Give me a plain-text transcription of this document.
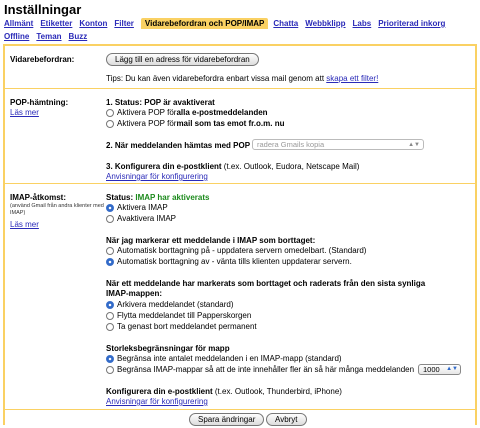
Inställningar
Allmänt Etiketter Konton Filter	Vidarebefordran och POP/IMAP	Chatta Webbklipp Labs Prioriterad inkorg
Offline Teman Buzz
Vidarebefordran:	Lägg till en adress för vidarebefordran
Tips: Du kan även vidarebefordra enbart vissa mail genom att skapa ett filter!
POP-hämtning:
Läs mer
1. Status: POP är avaktiverat
Aktivera POP för alla e-postmeddelanden
Aktivera POP för mail som tas emot fr.o.m. nu
2. När meddelanden hämtas med POP radera Gmails kopia	▲▼
3. Konfigurera din e-postklient (t.ex. Outlook, Eudora, Netscape Mail)
Anvisningar för konfigurering
IMAP-åtkomst:
(använd Gmail från andra klienter med IMAP)
Läs mer
Status: IMAP har aktiverats
Aktivera IMAP
Avaktivera IMAP
När jag markerar ett meddelande i IMAP som borttaget:
Automatisk borttagning på - uppdatera servern omedelbart. (Standard)
Automatisk borttagning av - vänta tills klienten uppdaterar servern.
När ett meddelande har markerats som borttaget och raderats från den sista synliga
IMAP-mappen:
Arkivera meddelandet (standard)
Flytta meddelandet till Papperskorgen
Ta genast bort meddelandet permanent
Storleksbegränsningar för mapp
Begränsa inte antalet meddelanden i en IMAP-mapp (standard)
Begränsa IMAP-mappar så att de inte innehåller fler än så här många meddelanden	1000 ▲▼
Konfigurera din e-postklient (t.ex. Outlook, Thunderbird, iPhone)
Anvisningar för konfigurering
Spara ändringar	Avbryt
